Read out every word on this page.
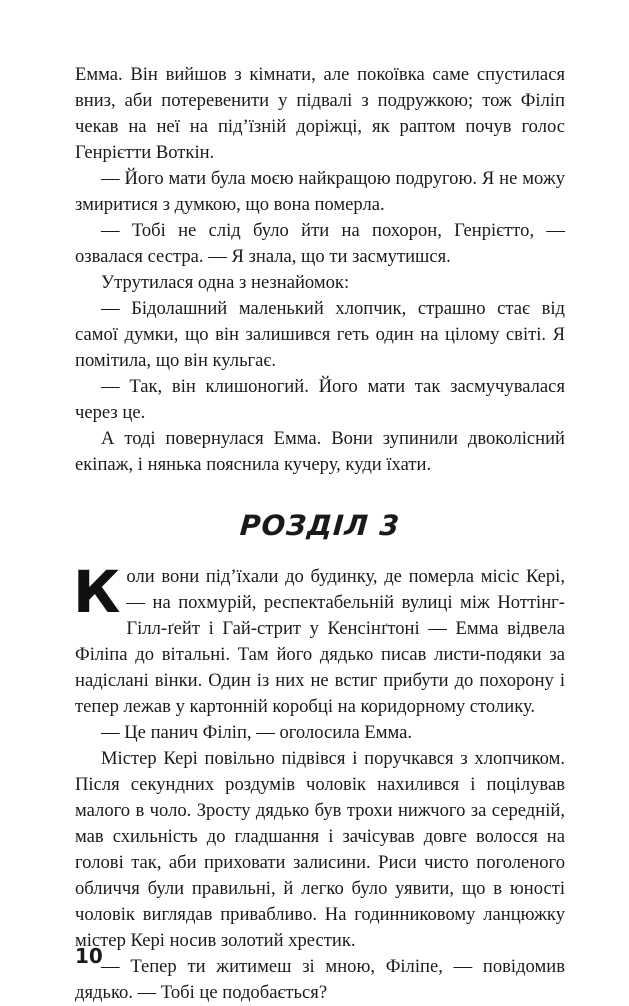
Емма. Він вийшов з кімнати, але покоївка саме спустилася вниз, аби потеревенити у підвалі з подружкою; тож Філіп чекав на неї на під’їзній доріжці, як раптом почув голос Генрієтти Воткін.

— Його мати була моєю найкращою подругою. Я не можу змиритися з думкою, що вона померла.

— Тобі не слід було йти на похорон, Генрієтто, — озвалася сестра. — Я знала, що ти засмутишся.

Утрутилася одна з незнайомок:

— Бідолашний маленький хлопчик, страшно стає від самої думки, що він залишився геть один на цілому світі. Я помітила, що він кульгає.

— Так, він клишоногий. Його мати так засмучувалася через це.

А тоді повернулася Емма. Вони зупинили двоколісний екіпаж, і нянька пояснила кучеру, куди їхати.

РОЗДІЛ 3

Коли вони під’їхали до будинку, де померла місіс Кері, — на похмурій, респектабельній вулиці між Ноттінг-Гілл-ґейт і Гай-стрит у Кенсінґтоні — Емма відвела Філіпа до вітальні. Там його дядько писав листи-подяки за надіслані вінки. Один із них не встиг прибути до похорону і тепер лежав у картонній коробці на коридорному столику.

— Це панич Філіп, — оголосила Емма.

Містер Кері повільно підвівся і поручкався з хлопчиком. Після секундних роздумів чоловік нахилився і поцілував малого в чоло. Зросту дядько був трохи нижчого за середній, мав схильність до гладшання і зачісував довге волосся на голові так, аби приховати залисини. Риси чисто поголеного обличчя були правильні, й легко було уявити, що в юності чоловік виглядав привабливо. На годинниковому ланцюжку містер Кері носив золотий хрестик.

— Тепер ти житимеш зі мною, Філіпе, — повідомив дядько. — Тобі це подобається?

10
